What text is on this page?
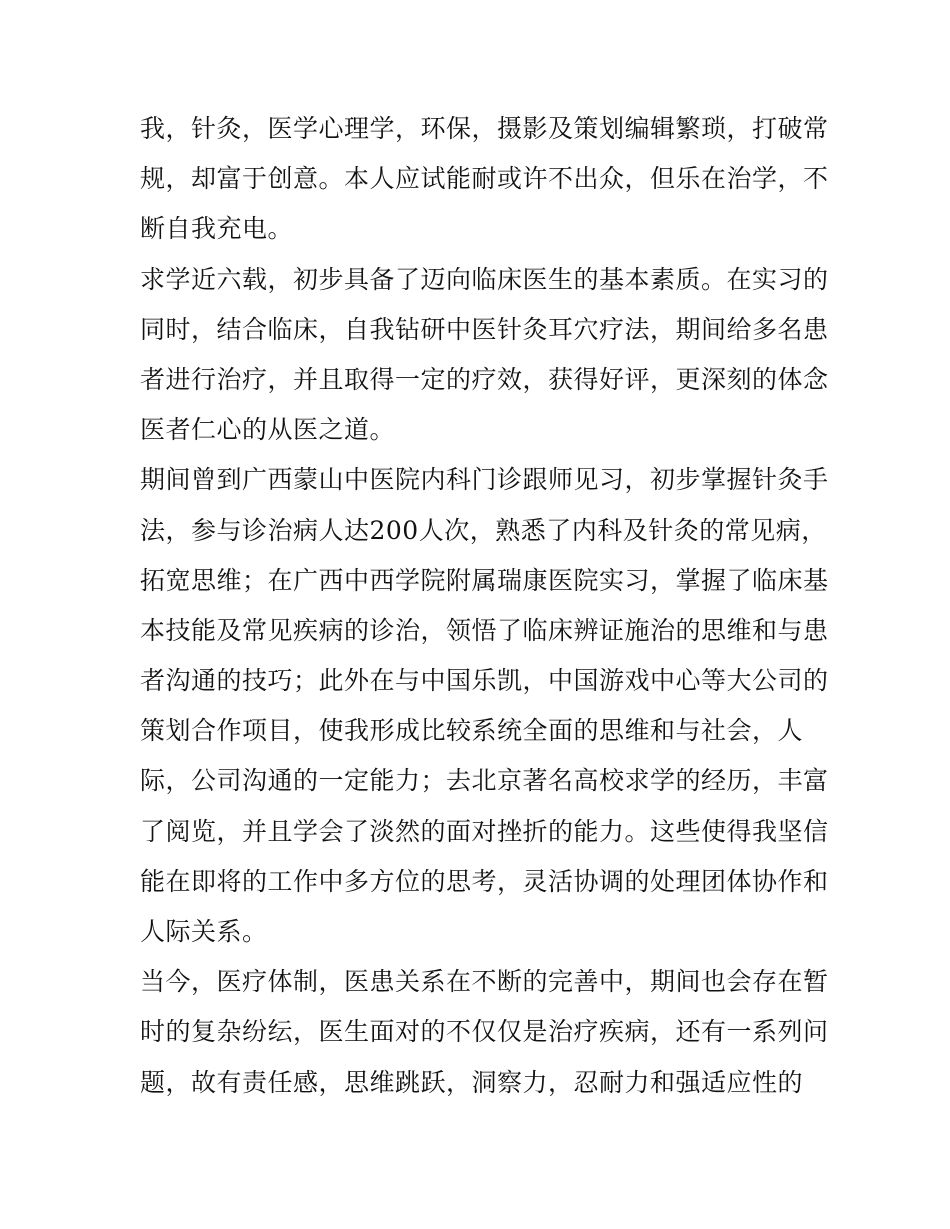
我，针灸，医学心理学，环保，摄影及策划编辑繁琐，打破常
规，却富于创意。本人应试能耐或许不出众，但乐在治学，不
断自我充电。
求学近六载，初步具备了迈向临床医生的基本素质。在实习的
同时，结合临床，自我钻研中医针灸耳穴疗法，期间给多名患
者进行治疗，并且取得一定的疗效，获得好评，更深刻的体念
医者仁心的从医之道。
期间曾到广西蒙山中医院内科门诊跟师见习，初步掌握针灸手
法，参与诊治病人达200人次，熟悉了内科及针灸的常见病，
拓宽思维；在广西中西学院附属瑞康医院实习，掌握了临床基
本技能及常见疾病的诊治，领悟了临床辨证施治的思维和与患
者沟通的技巧；此外在与中国乐凯，中国游戏中心等大公司的
策划合作项目，使我形成比较系统全面的思维和与社会，人
际，公司沟通的一定能力；去北京著名高校求学的经历，丰富
了阅览，并且学会了淡然的面对挫折的能力。这些使得我坚信
能在即将的工作中多方位的思考，灵活协调的处理团体协作和
人际关系。
当今，医疗体制，医患关系在不断的完善中，期间也会存在暂
时的复杂纷纭，医生面对的不仅仅是治疗疾病，还有一系列问
题，故有责任感，思维跳跃，洞察力，忍耐力和强适应性的
